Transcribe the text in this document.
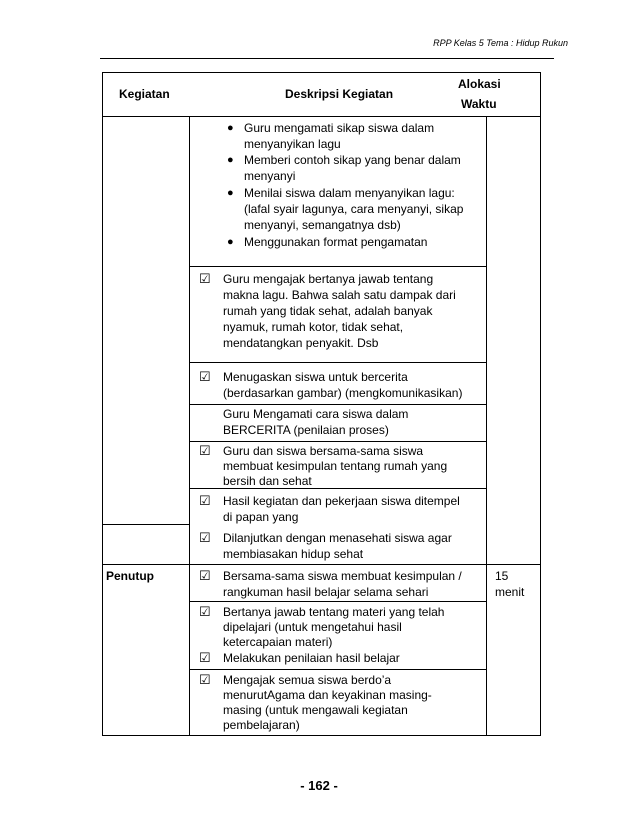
RPP Kelas 5 Tema : Hidup Rukun
Kegiatan	Deskripsi Kegiatan
Alokasi
Waktu
● Guru mengamati sikap siswa dalam
menyanyikan lagu
● Memberi contoh sikap yang benar dalam
menyanyi
● Menilai siswa dalam menyanyikan lagu:
(lafal syair lagunya, cara menyanyi, sikap
menyanyi, semangatnya dsb)
● Menggunakan format pengamatan
☑ Guru mengajak bertanya jawab tentang
makna lagu. Bahwa salah satu dampak dari
rumah yang tidak sehat, adalah banyak
nyamuk, rumah kotor, tidak sehat,
mendatangkan penyakit. Dsb
☑ Menugaskan siswa untuk bercerita
(berdasarkan gambar) (mengkomunikasikan)
Guru Mengamati cara siswa dalam
BERCERITA (penilaian proses)
☑ Guru dan siswa bersama-sama siswa
membuat kesimpulan tentang rumah yang
bersih dan sehat
☑ Hasil kegiatan dan pekerjaan siswa ditempel
di papan yang
☑ Dilanjutkan dengan menasehati siswa agar
membiasakan hidup sehat
Penutup	15
menit
☑ Bersama-sama siswa membuat kesimpulan /
rangkuman hasil belajar selama sehari
☑ Bertanya jawab tentang materi yang telah
dipelajari (untuk mengetahui hasil
ketercapaian materi)
☑ Melakukan penilaian hasil belajar
☑ Mengajak semua siswa berdo’a
menurutAgama dan keyakinan masing-
masing (untuk mengawali kegiatan
pembelajaran)
- 162 -
